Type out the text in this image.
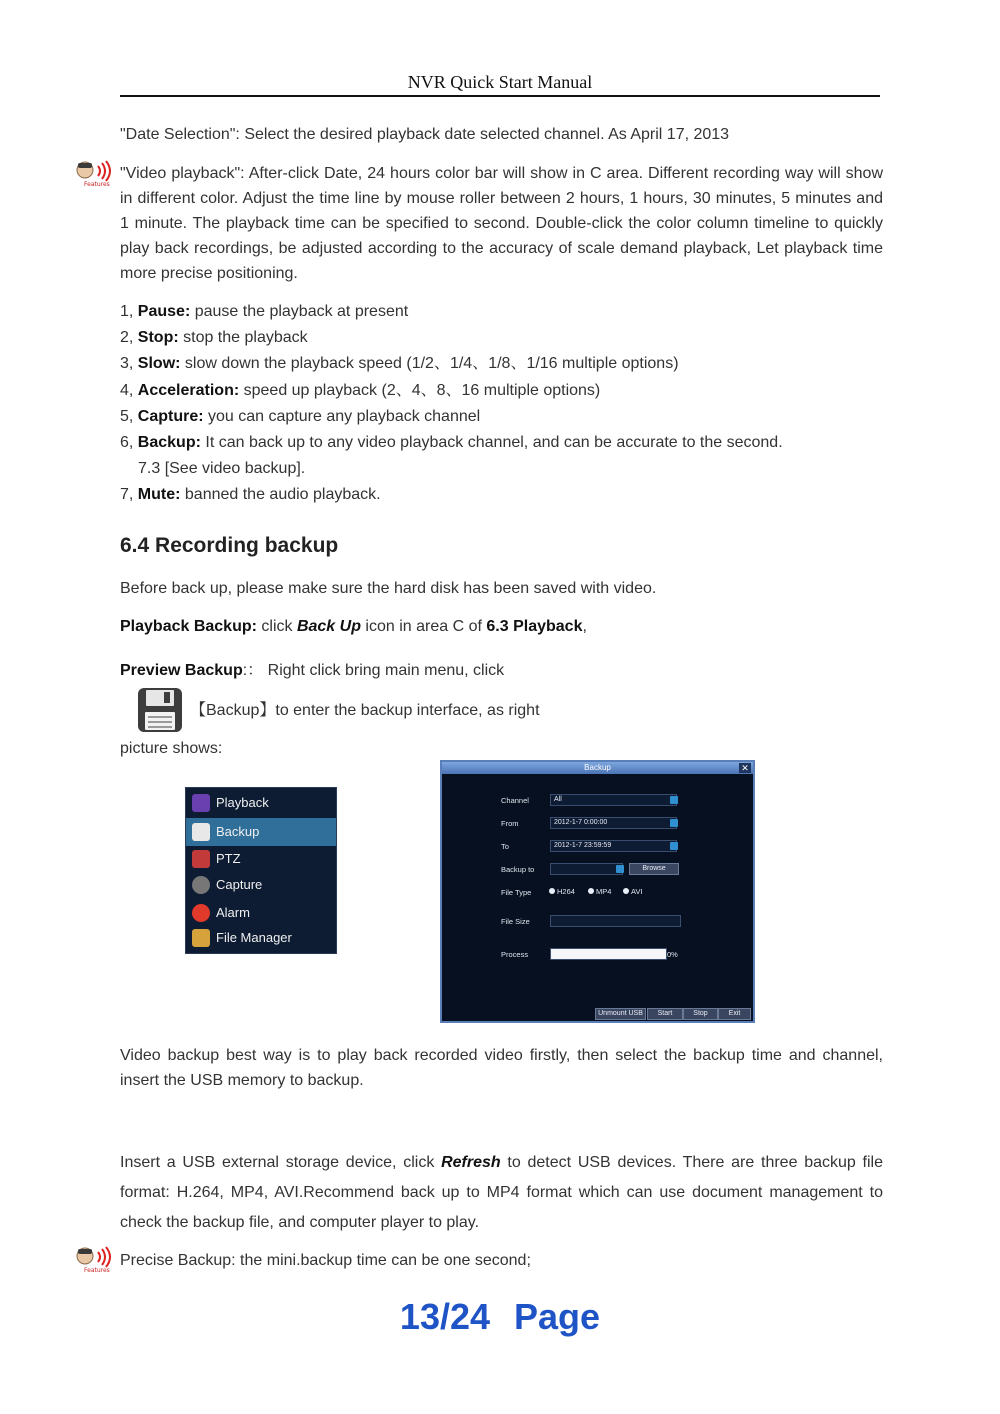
NVR Quick Start Manual

"Date Selection": Select the desired playback date selected channel. As April 17, 2013

Features

"Video playback": After-click Date, 24 hours color bar will show in C area. Different recording way will show in different color. Adjust the time line by mouse roller between 2 hours, 1 hours, 30 minutes, 5 minutes and 1 minute. The playback time can be specified to second. Double-click the color column timeline to quickly play back recordings, be adjusted according to the accuracy of scale demand playback, Let playback time more precise positioning.

1, Pause: pause the playback at present
2, Stop: stop the playback
3, Slow: slow down the playback speed (1/2、1/4、1/8、1/16 multiple options)
4, Acceleration: speed up playback (2、4、8、16 multiple options)
5, Capture: you can capture any playback channel
6, Backup: It can back up to any video playback channel, and can be accurate to the second.
7.3 [See video backup].
7, Mute: banned the audio playback.
6.4 Recording backup

Before back up, please make sure the hard disk has been saved with video.

Playback Backup: click Back Up icon in area C of 6.3 Playback,

Preview Backup:： Right click bring main menu, click

【Backup】to enter the backup interface, as right

picture shows:

Playback
Backup
PTZ
Capture
Alarm
File Manager
Backup	✕
Channel	All
From	2012-1-7 0:00:00
To	2012-1-7 23:59:59
Backup to	Browse
File Type	H264	MP4	AVI
File Size
Process	0%
Unmount USB	Start	Stop	Exit

Video backup best way is to play back recorded video firstly, then select the backup time and channel, insert the USB memory to backup.

Insert a USB external storage device, click Refresh to detect USB devices. There are three backup file format: H.264, MP4, AVI.Recommend back up to MP4 format which can use document management to check the backup file, and computer player to play.

Features

Precise Backup: the mini.backup time can be one second;

13/24 Page
